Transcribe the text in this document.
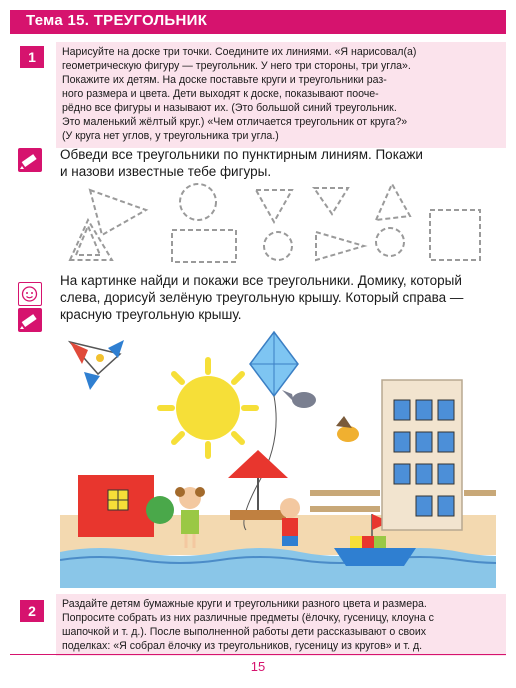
Тема 15. ТРЕУГОЛЬНИК
1	Нарисуйте на доске три точки. Соедините их линиями. «Я нарисовал(а)

геометрическую фигуру — треугольник. У него три стороны, три угла».

Покажите их детям. На доске поставьте круги и треугольники раз-

ного размера и цвета. Дети выходят к доске, показывают пооче-

рёдно все фигуры и называют их. (Это большой синий треугольник.

Это маленький жёлтый круг.) «Чем отличается треугольник от круга?»

(У круга нет углов, у треугольника три угла.)

Обведи все треугольники по пунктирным линиям. Покажи
и назови известные тебе фигуры.
На картинке найди и покажи все треугольники. Домику, который
слева, дорисуй зелёную треугольную крышу. Который справа —
красную треугольную крышу.
2	Раздайте детям бумажные круги и треугольники разного цвета и размера.

Попросите собрать из них различные предметы (ёлочку, гусеницу, клоуна с

шапочкой и т. д.). После выполненной работы дети рассказывают о своих

поделках: «Я собрал ёлочку из треугольников, гусеницу из кругов» и т. д.

15
